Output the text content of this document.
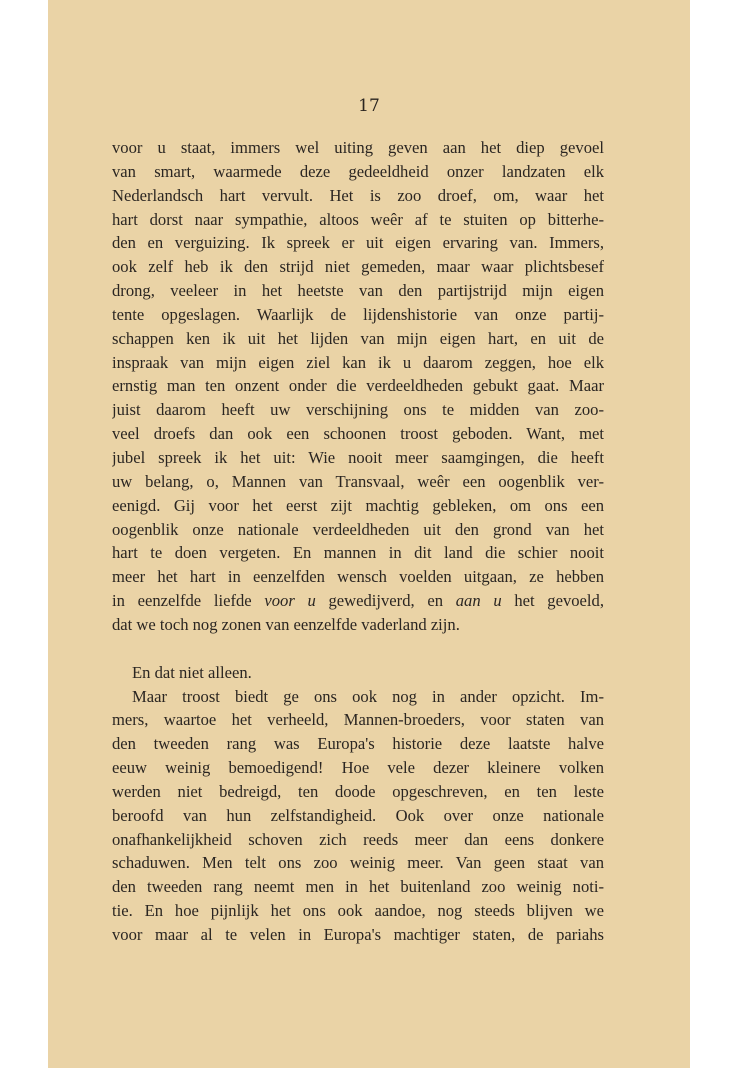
17
voor u staat, immers wel uiting geven aan het diep gevoel
van smart, waarmede deze gedeeldheid onzer landzaten elk
Nederlandsch hart vervult. Het is zoo droef, om, waar het
hart dorst naar sympathie, altoos weêr af te stuiten op bitterhe-
den en verguizing. Ik spreek er uit eigen ervaring van. Immers,
ook zelf heb ik den strijd niet gemeden, maar waar plichtsbesef
drong, veeleer in het heetste van den partijstrijd mijn eigen
tente opgeslagen. Waarlijk de lijdenshistorie van onze partij-
schappen ken ik uit het lijden van mijn eigen hart, en uit de
inspraak van mijn eigen ziel kan ik u daarom zeggen, hoe elk
ernstig man ten onzent onder die verdeeldheden gebukt gaat. Maar
juist daarom heeft uw verschijning ons te midden van zoo-
veel droefs dan ook een schoonen troost geboden. Want, met
jubel spreek ik het uit: Wie nooit meer saamgingen, die heeft
uw belang, o, Mannen van Transvaal, weêr een oogenblik ver-
eenigd. Gij voor het eerst zijt machtig gebleken, om ons een
oogenblik onze nationale verdeeldheden uit den grond van het
hart te doen vergeten. En mannen in dit land die schier nooit
meer het hart in eenzelfden wensch voelden uitgaan, ze hebben
in eenzelfde liefde voor u gewedijverd, en aan u het gevoeld,
dat we toch nog zonen van eenzelfde vaderland zijn.
En dat niet alleen.
Maar troost biedt ge ons ook nog in ander opzicht. Im-
mers, waartoe het verheeld, Mannen-broeders, voor staten van
den tweeden rang was Europa's historie deze laatste halve
eeuw weinig bemoedigend! Hoe vele dezer kleinere volken
werden niet bedreigd, ten doode opgeschreven, en ten leste
beroofd van hun zelfstandigheid. Ook over onze nationale
onafhankelijkheid schoven zich reeds meer dan eens donkere
schaduwen. Men telt ons zoo weinig meer. Van geen staat van
den tweeden rang neemt men in het buitenland zoo weinig noti-
tie. En hoe pijnlijk het ons ook aandoe, nog steeds blijven we
voor maar al te velen in Europa's machtiger staten, de pariahs
